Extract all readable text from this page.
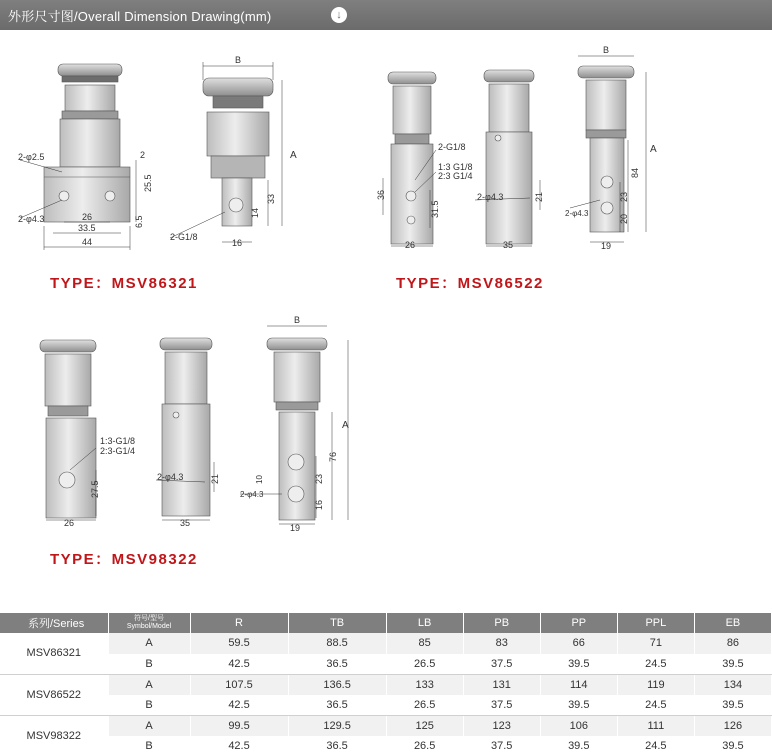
外形尺寸图/Overall Dimension Drawing(mm)	↓
2-φ2.5
2-φ4.3	26
33.5
44
2
25.5
6.5
B
A
33
14
16
2-G1/8
2-G1/8
1:3 G1/8
2:3 G1/4
36
31.5
26
2-φ4.3	21
35
B
A
84
23
20
2-φ4.3
19
1:3-G1/8
2:3-G1/4
27.5
26
2-φ4.3	21
35
B
A
76
10	23
16
2-φ4.3
19
TYPE：MSV86321	TYPE：MSV86522
TYPE：MSV98322
系列/Series	符号/型号
Symbol/Model	R	TB	LB	PB	PP	PPL	EB
MSV86321	A	59.5	88.5	85	83	66	71	86
	B	42.5	36.5	26.5	37.5	39.5	24.5	39.5
MSV86522	A	107.5	136.5	133	131	114	119	134
	B	42.5	36.5	26.5	37.5	39.5	24.5	39.5
MSV98322	A	99.5	129.5	125	123	106	111	126
	B	42.5	36.5	26.5	37.5	39.5	24.5	39.5
